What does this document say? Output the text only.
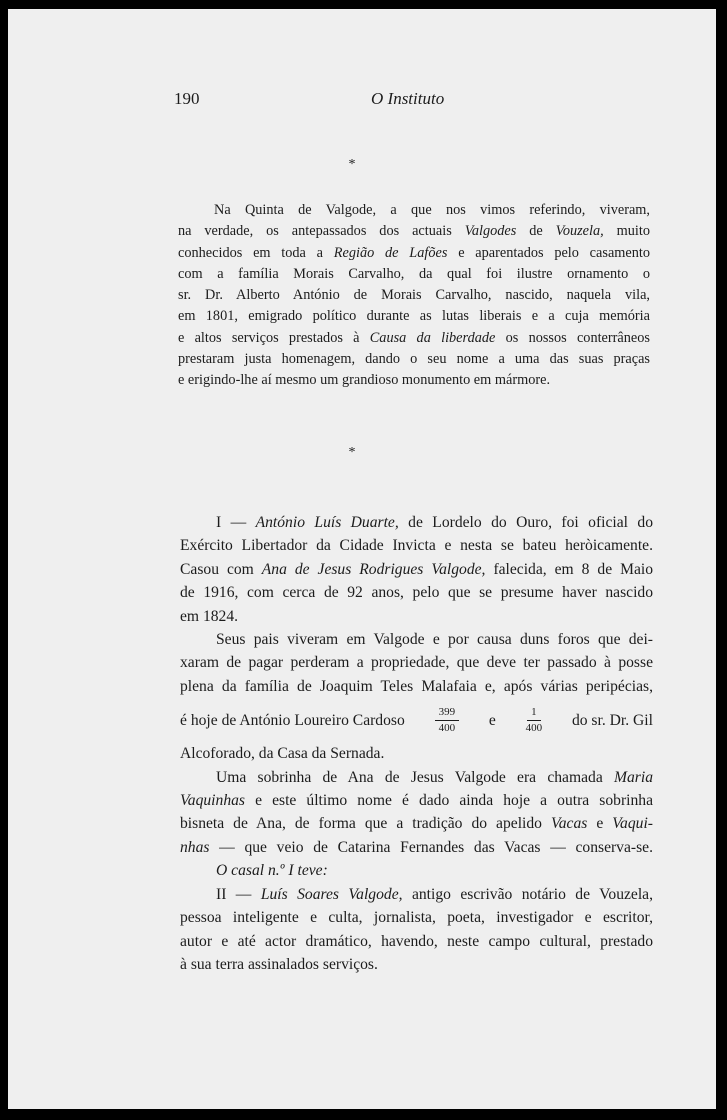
190	O Instituto
*
Na Quinta de Valgode, a que nos vimos referindo, viveram,
na verdade, os antepassados dos actuais Valgodes de Vouzela, muito
conhecidos em toda a Região de Lafões e aparentados pelo casamento
com a família Morais Carvalho, da qual foi ilustre ornamento o
sr. Dr. Alberto António de Morais Carvalho, nascido, naquela vila,
em 1801, emigrado político durante as lutas liberais e a cuja memória
e altos serviços prestados à Causa da liberdade os nossos conterrâneos
prestaram justa homenagem, dando o seu nome a uma das suas praças
e erigindo-lhe aí mesmo um grandioso monumento em mármore.
*
I — António Luís Duarte, de Lordelo do Ouro, foi oficial do
Exército Libertador da Cidade Invicta e nesta se bateu heròicamente.
Casou com Ana de Jesus Rodrigues Valgode, falecida, em 8 de Maio
de 1916, com cerca de 92 anos, pelo que se presume haver nascido
em 1824.
Seus pais viveram em Valgode e por causa duns foros que dei-
xaram de pagar perderam a propriedade, que deve ter passado à posse
plena da família de Joaquim Teles Malafaia e, após várias peripécias,
é hoje de António Loureiro Cardoso	$\frac{399}{400}$ e	$\frac{1}{400}$ do sr. Dr. Gil
Alcoforado, da Casa da Sernada.
Uma sobrinha de Ana de Jesus Valgode era chamada Maria
Vaquinhas e este último nome é dado ainda hoje a outra sobrinha
bisneta de Ana, de forma que a tradição do apelido Vacas e Vaqui-
nhas — que veio de Catarina Fernandes das Vacas — conserva-se.
O casal n.º I teve:
II — Luís Soares Valgode, antigo escrivão notário de Vouzela,
pessoa inteligente e culta, jornalista, poeta, investigador e escritor,
autor e até actor dramático, havendo, neste campo cultural, prestado
à sua terra assinalados serviços.
